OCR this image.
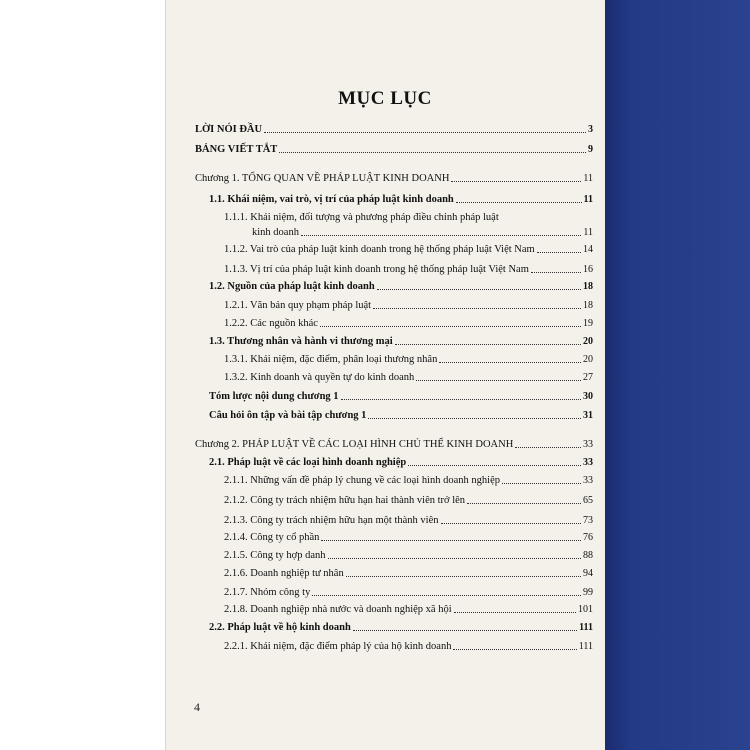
MỤC LỤC
LỜI NÓI ĐẦU	3
BẢNG VIẾT TẮT	9
Chương 1. TỔNG QUAN VỀ PHÁP LUẬT KINH DOANH	11
1.1. Khái niệm, vai trò, vị trí của pháp luật kinh doanh	11
1.1.1. Khái niệm, đối tượng và phương pháp điều chỉnh pháp luật
kinh doanh	11
1.1.2. Vai trò của pháp luật kinh doanh trong hệ thống pháp luật Việt Nam	14
1.1.3. Vị trí của pháp luật kinh doanh trong hệ thống pháp luật Việt Nam	16
1.2. Nguồn của pháp luật kinh doanh	18
1.2.1. Văn bản quy phạm pháp luật	18
1.2.2. Các nguồn khác	19
1.3. Thương nhân và hành vi thương mại	20
1.3.1. Khái niệm, đặc điểm, phân loại thương nhân	20
1.3.2. Kinh doanh và quyền tự do kinh doanh	27
Tóm lược nội dung chương 1	30
Câu hỏi ôn tập và bài tập chương 1	31
Chương 2. PHÁP LUẬT VỀ CÁC LOẠI HÌNH CHỦ THỂ KINH DOANH	33
2.1. Pháp luật về các loại hình doanh nghiệp	33
2.1.1. Những vấn đề pháp lý chung về các loại hình doanh nghiệp	33
2.1.2. Công ty trách nhiệm hữu hạn hai thành viên trở lên	65
2.1.3. Công ty trách nhiệm hữu hạn một thành viên	73
2.1.4. Công ty cổ phần	76
2.1.5. Công ty hợp danh	88
2.1.6. Doanh nghiệp tư nhân	94
2.1.7. Nhóm công ty	99
2.1.8. Doanh nghiệp nhà nước và doanh nghiệp xã hội	101
2.2. Pháp luật về hộ kinh doanh	111
2.2.1. Khái niệm, đặc điểm pháp lý của hộ kinh doanh	111
4
